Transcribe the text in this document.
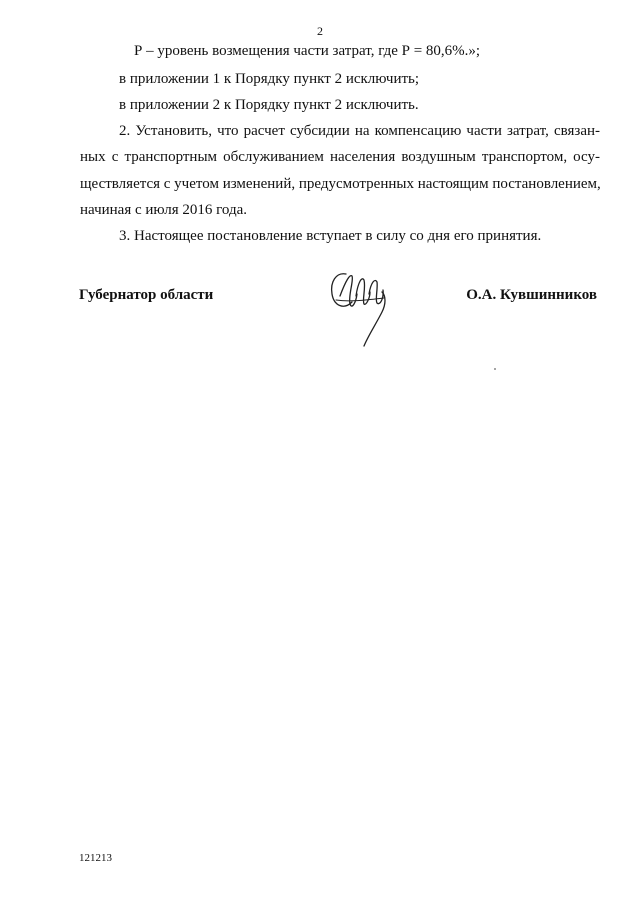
2
Р – уровень возмещения части затрат, где Р = 80,6%.»;
в приложении 1 к Порядку пункт 2 исключить;
в приложении 2 к Порядку пункт 2 исключить.
2. Установить, что расчет субсидии на компенсацию части затрат, связан-
ных с транспортным обслуживанием населения воздушным транспортом, осу-
ществляется с учетом изменений, предусмотренных настоящим постановлением,
начиная с июля 2016 года.
3. Настоящее постановление вступает в силу со дня его принятия.
Губернатор области	О.А. Кувшинников
121213
